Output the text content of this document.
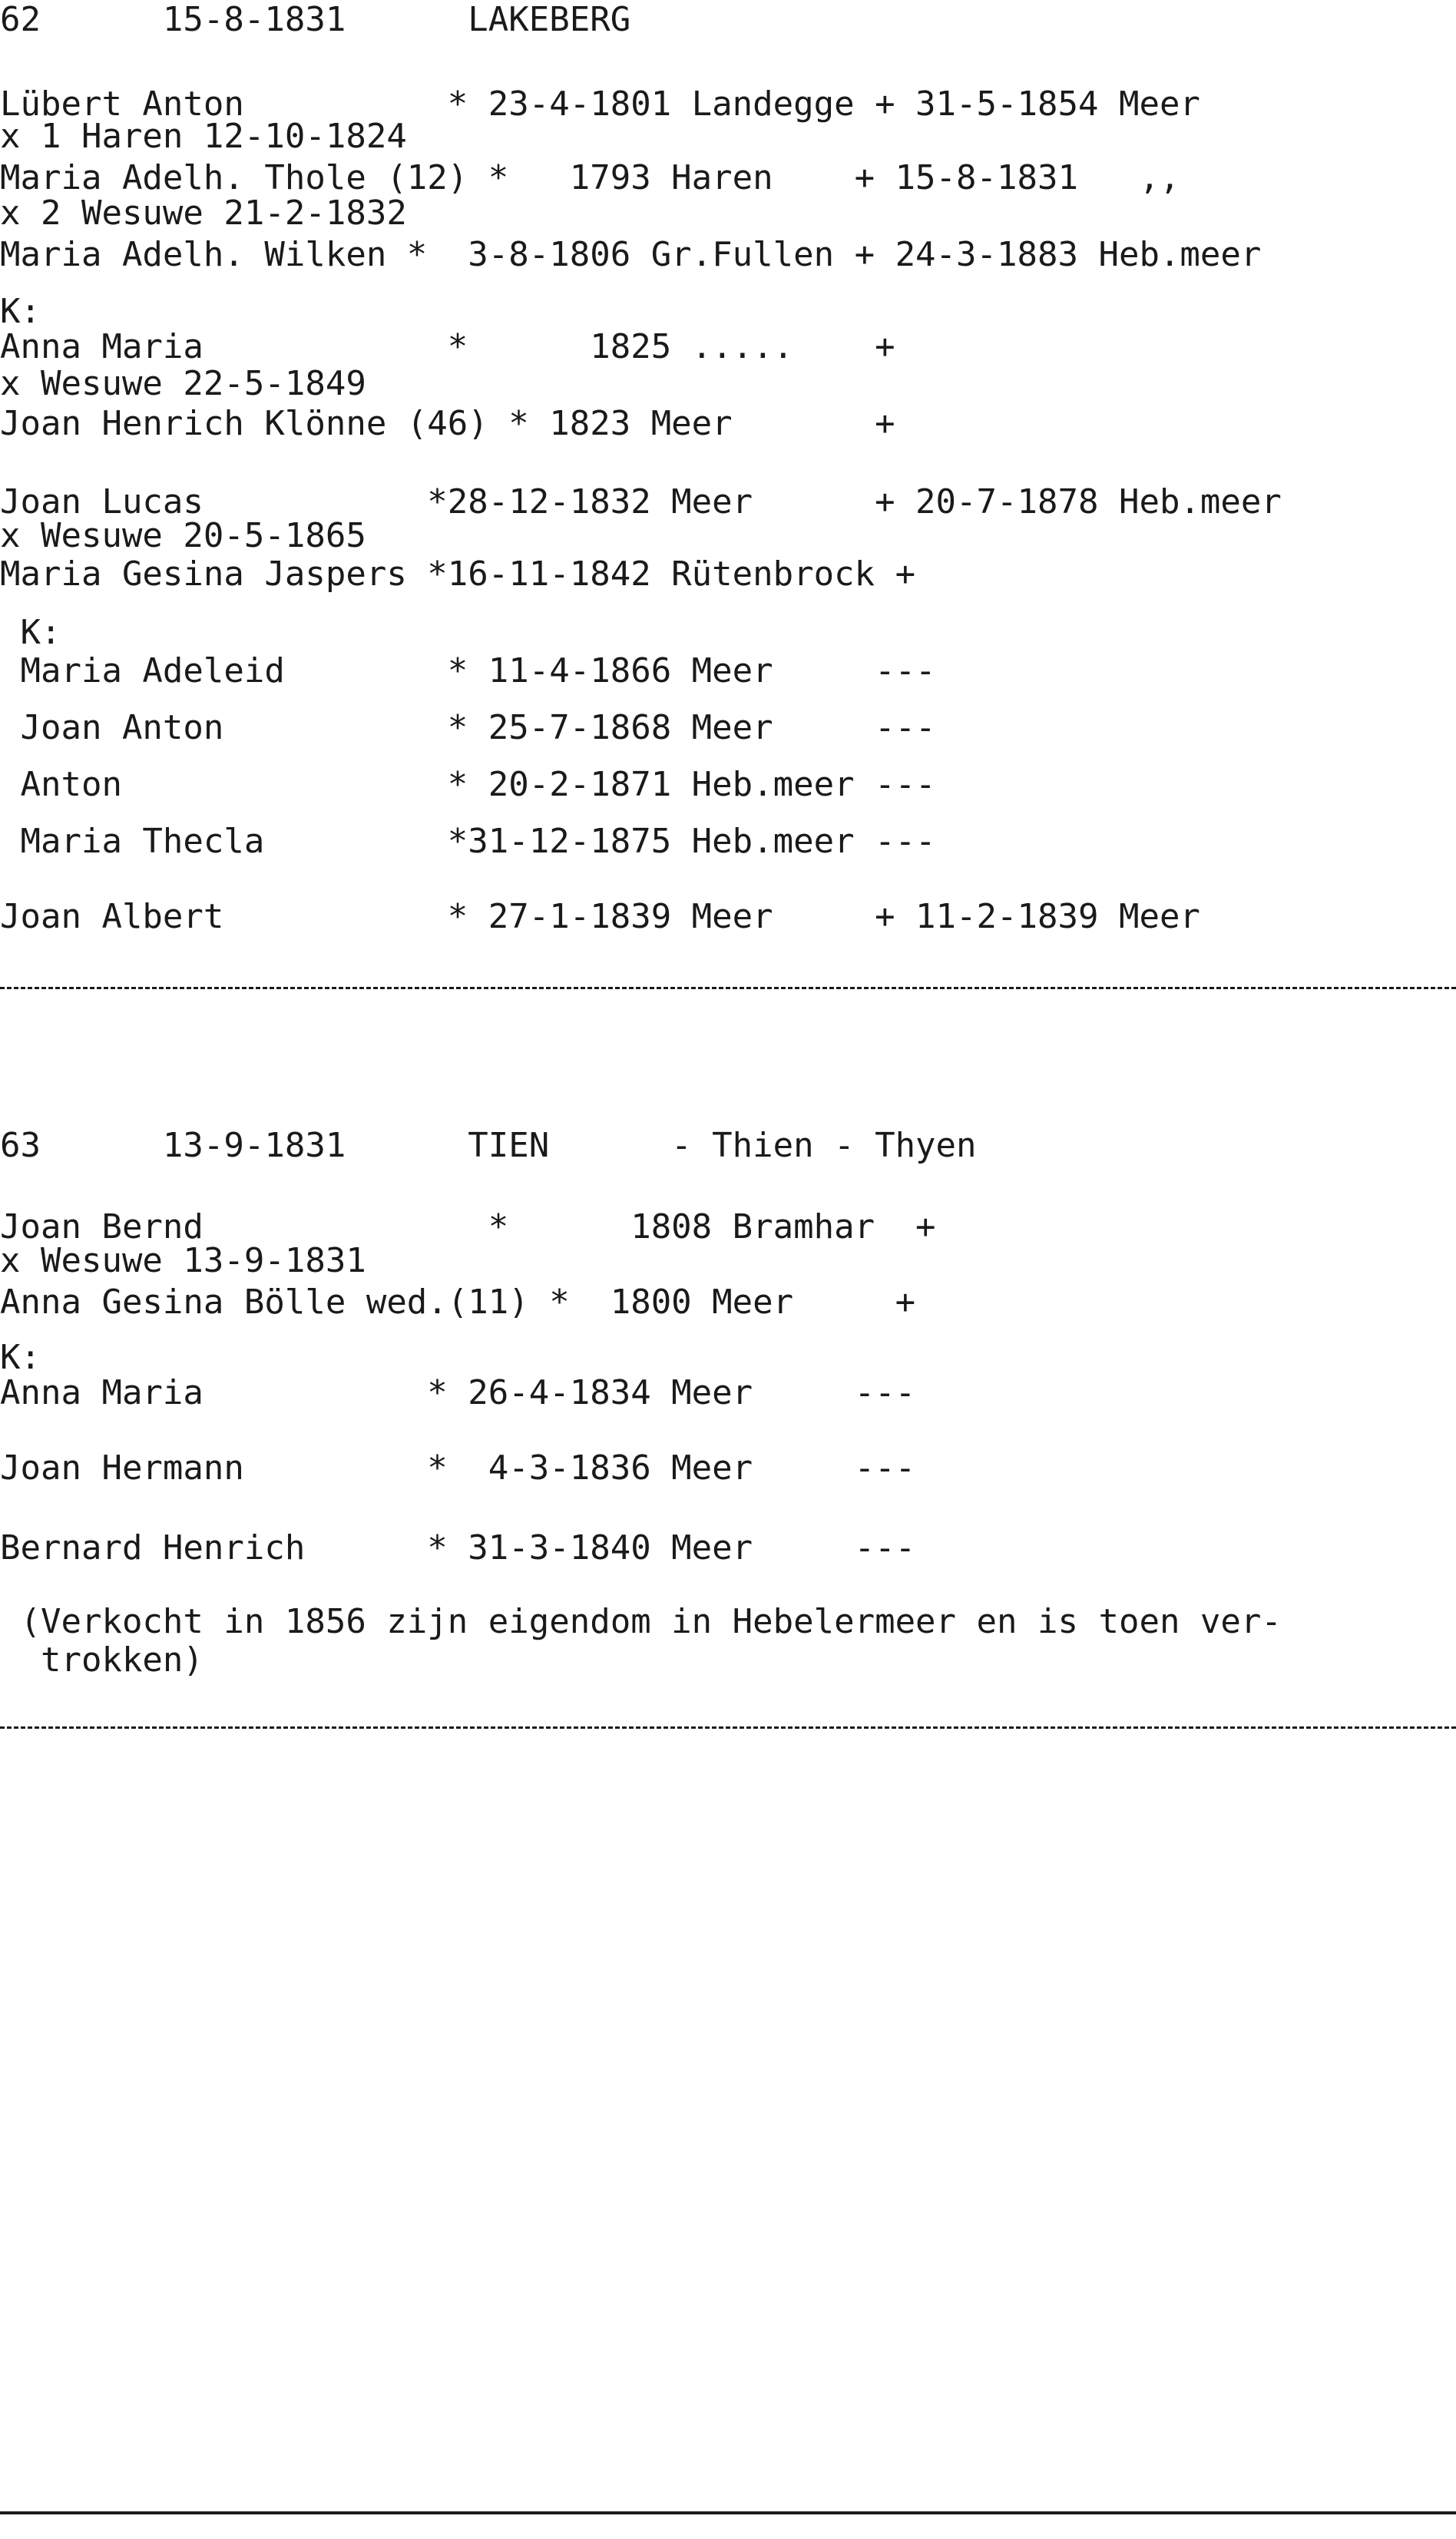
62      15-8-1831      LAKEBERG
Lübert Anton          * 23-4-1801 Landegge + 31-5-1854 Meer
x 1 Haren 12-10-1824
Maria Adelh. Thole (12) *   1793 Haren    + 15-8-1831   ,,
x 2 Wesuwe 21-2-1832
Maria Adelh. Wilken *  3-8-1806 Gr.Fullen + 24-3-1883 Heb.meer
K:
Anna Maria            *      1825 .....    +
x Wesuwe 22-5-1849
Joan Henrich Klönne (46) * 1823 Meer       +
Joan Lucas           *28-12-1832 Meer      + 20-7-1878 Heb.meer
x Wesuwe 20-5-1865
Maria Gesina Jaspers *16-11-1842 Rütenbrock +
K:
Maria Adeleid        * 11-4-1866 Meer     ---
Joan Anton           * 25-7-1868 Meer     ---
Anton                * 20-2-1871 Heb.meer ---
Maria Thecla         *31-12-1875 Heb.meer ---
Joan Albert           * 27-1-1839 Meer     + 11-2-1839 Meer
63      13-9-1831      TIEN      - Thien - Thyen
Joan Bernd              *      1808 Bramhar  +
x Wesuwe 13-9-1831
Anna Gesina Bölle wed.(11) *  1800 Meer     +
K:
Anna Maria           * 26-4-1834 Meer     ---
Joan Hermann         *  4-3-1836 Meer     ---
Bernard Henrich      * 31-3-1840 Meer     ---
(Verkocht in 1856 zijn eigendom in Hebelermeer en is toen ver-
trokken)
